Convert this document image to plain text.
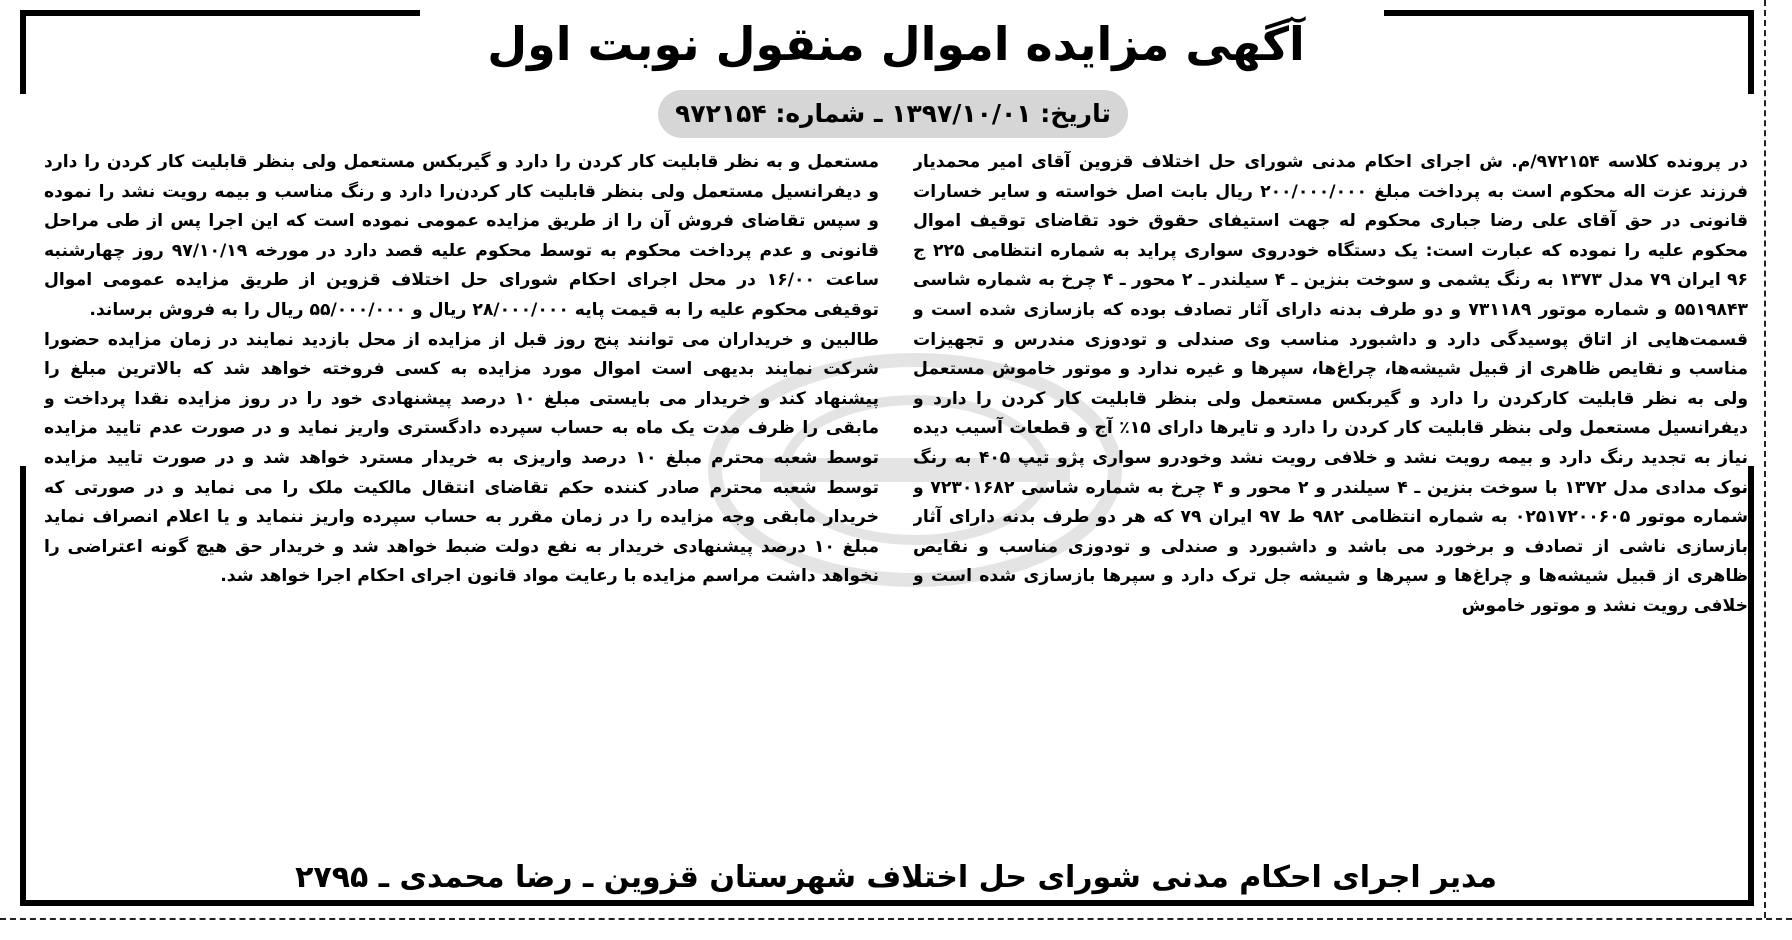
آگهی مزایده اموال منقول نوبت اول
تاریخ: ۱۳۹۷/۱۰/۰۱ ـ شماره: ۹۷۲۱۵۴

در پرونده کلاسه ۹۷۲۱۵۴/م. ش اجرای احکام مدنی شورای حل اختلاف قزوین آقای امیر محمدیار فرزند عزت اله محکوم است به پرداخت مبلغ ۲۰۰/۰۰۰/۰۰۰ ریال بابت اصل خواسته و سایر خسارات قانونی در حق آقای علی رضا جباری محکوم له جهت استیفای حقوق خود تقاضای توقیف اموال محکوم علیه را نموده که عبارت است: یک دستگاه خودروی سواری پراید به شماره انتظامی ۲۲۵ ج ۹۶ ایران ۷۹ مدل ۱۳۷۳ به رنگ یشمی و سوخت بنزین ـ ۴ سیلندر ـ ۲ محور ـ ۴ چرخ به شماره شاسی ۵۵۱۹۸۴۳ و شماره موتور ۷۳۱۱۸۹ و دو طرف بدنه دارای آثار تصادف بوده که بازسازی شده است و قسمت‌هایی از اتاق پوسیدگی دارد و داشبورد مناسب وی صندلی و تودوزی مندرس و تجهیزات مناسب و نقایص ظاهری از قبیل شیشه‌ها، چراغ‌ها، سپرها و غیره ندارد و موتور خاموش مستعمل ولی به نظر قابلیت کارکردن را دارد و گیربکس مستعمل ولی بنظر قابلیت کار کردن را دارد و دیفرانسیل مستعمل ولی بنظر قابلیت کار کردن را دارد و تایرها دارای ۱۵٪ آج و قطعات آسیب دیده نیاز به تجدید رنگ دارد و بیمه رویت نشد و خلافی رویت نشد وخودرو سواری پژو تیپ ۴۰۵ به رنگ نوک مدادی مدل ۱۳۷۲ با سوخت بنزین ـ ۴ سیلندر و ۲ محور و ۴ چرخ به شماره شاسی ۷۲۳۰۱۶۸۲ و شماره موتور ۰۲۵۱۷۲۰۰۶۰۵ به شماره انتظامی ۹۸۲ ط ۹۷ ایران ۷۹ که هر دو طرف بدنه دارای آثار بازسازی ناشی از تصادف و برخورد می باشد و داشبورد و صندلی و تودوزی مناسب و نقایص ظاهری از قبیل شیشه‌ها و چراغ‌ها و سپرها و شیشه جل ترک دارد و سپرها بازسازی شده است و خلافی رویت نشد و موتور خاموش

مستعمل و به نظر قابلیت کار کردن را دارد و گیربکس مستعمل ولی بنظر قابلیت کار کردن را دارد و دیفرانسیل مستعمل ولی بنظر قابلیت کار کردن‌را دارد و رنگ مناسب و بیمه رویت نشد را نموده و سپس تقاضای فروش آن را از طریق مزایده عمومی نموده است که این اجرا پس از طی مراحل قانونی و عدم پرداخت محکوم به توسط محکوم علیه قصد دارد در مورخه ۹۷/۱۰/۱۹ روز چهارشنبه ساعت ۱۶/۰۰ در محل اجرای احکام شورای حل اختلاف قزوین از طریق مزایده عمومی اموال توقیفی محکوم علیه را به قیمت پایه ۲۸/۰۰۰/۰۰۰ ریال و ۵۵/۰۰۰/۰۰۰ ریال را به فروش برساند.

طالبین و خریداران می توانند پنج روز قبل از مزایده از محل بازدید نمایند در زمان مزایده حضورا شرکت نمایند بدیهی است اموال مورد مزایده به کسی فروخته خواهد شد که بالاترین مبلغ را پیشنهاد کند و خریدار می بایستی مبلغ ۱۰ درصد پیشنهادی خود را در روز مزایده نقدا پرداخت و مابقی را ظرف مدت یک ماه به حساب سپرده دادگستری واریز نماید و در صورت عدم تایید مزایده توسط شعبه محترم مبلغ ۱۰ درصد واریزی به خریدار مسترد خواهد شد و در صورت تایید مزایده توسط شعبه محترم صادر کننده حکم تقاضای انتقال مالکیت ملک را می نماید و در صورتی که خریدار مابقی وجه مزایده را در زمان مقرر به حساب سپرده واریز ننماید و یا اعلام انصراف نماید مبلغ ۱۰ درصد پیشنهادی خریدار به نفع دولت ضبط خواهد شد و خریدار حق هیچ گونه اعتراضی را نخواهد داشت مراسم مزایده با رعایت مواد قانون اجرای احکام اجرا خواهد شد.

مدیر اجرای احکام مدنی شورای حل اختلاف شهرستان قزوین ـ رضا محمدی ـ ۲۷۹۵
